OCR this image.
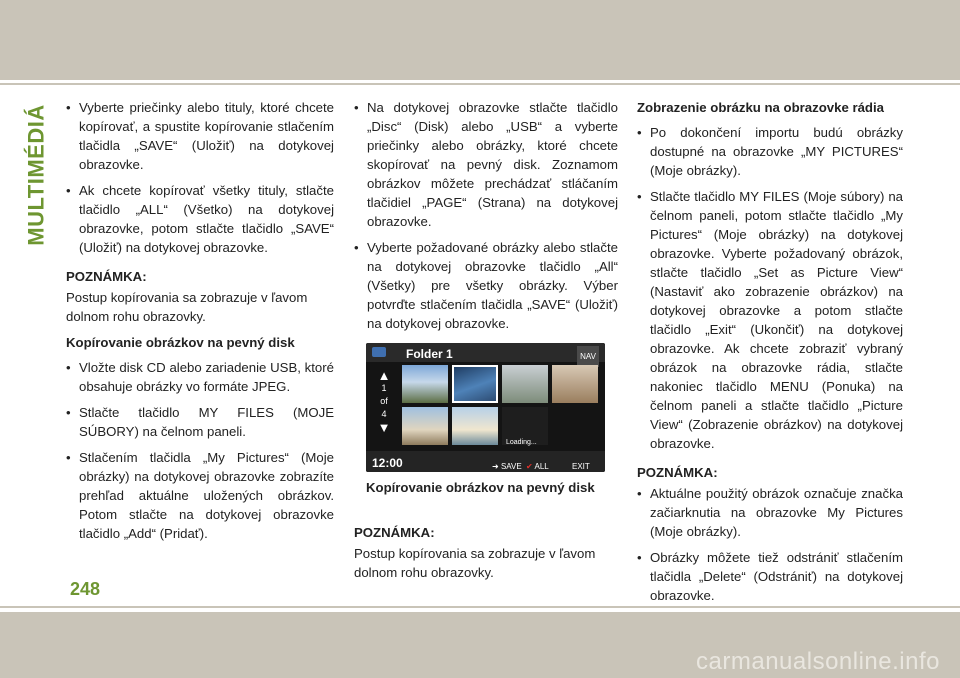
MULTIMÉDIÁ
•	Vyberte priečinky alebo tituly, ktoré chcete kopírovať, a spustite kopírovanie stlačením tlačidla „SAVE“ (Uložiť) na dotykovej obrazovke.
• Ak chcete kopírovať všetky tituly, stlačte tlačidlo „ALL“ (Všetko) na dotykovej obrazovke, potom stlačte tlačidlo „SAVE“ (Uložiť) na dotykovej obrazovke.
POZNÁMKA:

Postup kopírovania sa zobrazuje v ľavom dolnom rohu obrazovky.

Kopírovanie obrázkov na pevný disk
• Vložte disk CD alebo zariadenie USB, ktoré obsahuje obrázky vo formáte JPEG.
• Stlačte tlačidlo MY FILES (MOJE SÚBORY) na čelnom paneli.
• Stlačením tlačidla „My Pictures“ (Moje obrázky) na dotykovej obrazovke zobrazíte prehľad aktuálne uložených obrázkov. Potom stlačte na dotykovej obrazovke tlačidlo „Add“ (Pridať).
• Na dotykovej obrazovke stlačte tlačidlo „Disc“ (Disk) alebo „USB“ a vyberte priečinky alebo obrázky, ktoré chcete skopírovať na pevný disk. Zoznamom obrázkov môžete prechádzať stláčaním tlačidiel „PAGE“ (Strana) na dotykovej obrazovke.
• Vyberte požadované obrázky alebo stlačte na dotykovej obrazovke tlačidlo „All“ (Všetky) pre všetky obrázky. Výber potvrďte stlačením tlačidla „SAVE“ (Uložiť) na dotykovej obrazovke.
Folder 1	NAV
▲
1
of
4
▼
Loading...
12:00	➜ SAVE ✔ ALL	EXIT
Kopírovanie obrázkov na pevný disk
POZNÁMKA:

Postup kopírovania sa zobrazuje v ľavom dolnom rohu obrazovky.

Zobrazenie obrázku na obrazovke rádia
• Po dokončení importu budú obrázky dostupné na obrazovke „MY PICTURES“ (Moje obrázky).
• Stlačte tlačidlo MY FILES (Moje súbory) na čelnom paneli, potom stlačte tlačidlo „My Pictures“ (Moje obrázky) na dotykovej obrazovke. Vyberte požadovaný obrázok, stlačte tlačidlo „Set as Picture View“ (Nastaviť ako zobrazenie obrázkov) na dotykovej obrazovke a potom stlačte tlačidlo „Exit“ (Ukončiť) na dotykovej obrazovke. Ak chcete zobraziť vybraný obrázok na obrazovke rádia, stlačte nakoniec tlačidlo MENU (Ponuka) na čelnom paneli a stlačte tlačidlo „Picture View“ (Zobrazenie obrázkov) na dotykovej obrazovke.
POZNÁMKA:
• Aktuálne použitý obrázok označuje značka začiarknutia na obrazovke My Pictures (Moje obrázky).
• Obrázky môžete tiež odstrániť stlačením tlačidla „Delete“ (Odstrániť) na dotykovej obrazovke.
248
carmanualsonline.info
